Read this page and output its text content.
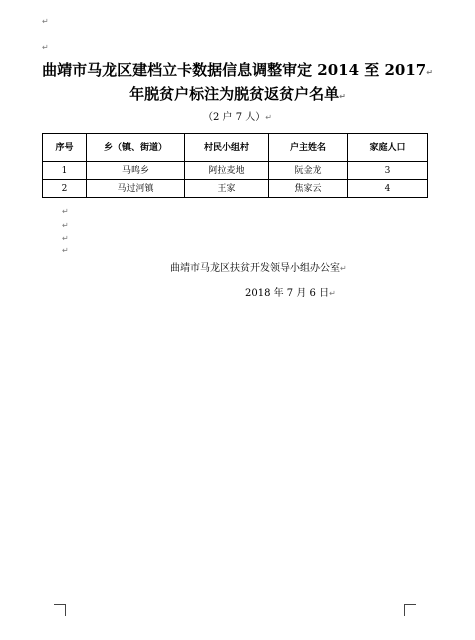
↵
↵
曲靖市马龙区建档立卡数据信息调整审定 2014 至 2017↵
年脱贫户标注为脱贫返贫户名单↵
（2 户 7 人）↵
序号	乡（镇、街道）	村民小组村	户主姓名	家庭人口
1	马鸣乡	阿拉麦地	阮金龙	3
2	马过河镇	王家	焦家云	4
↵
↵
↵
↵
曲靖市马龙区扶贫开发领导小组办公室↵
2018 年 7 月 6 日↵
